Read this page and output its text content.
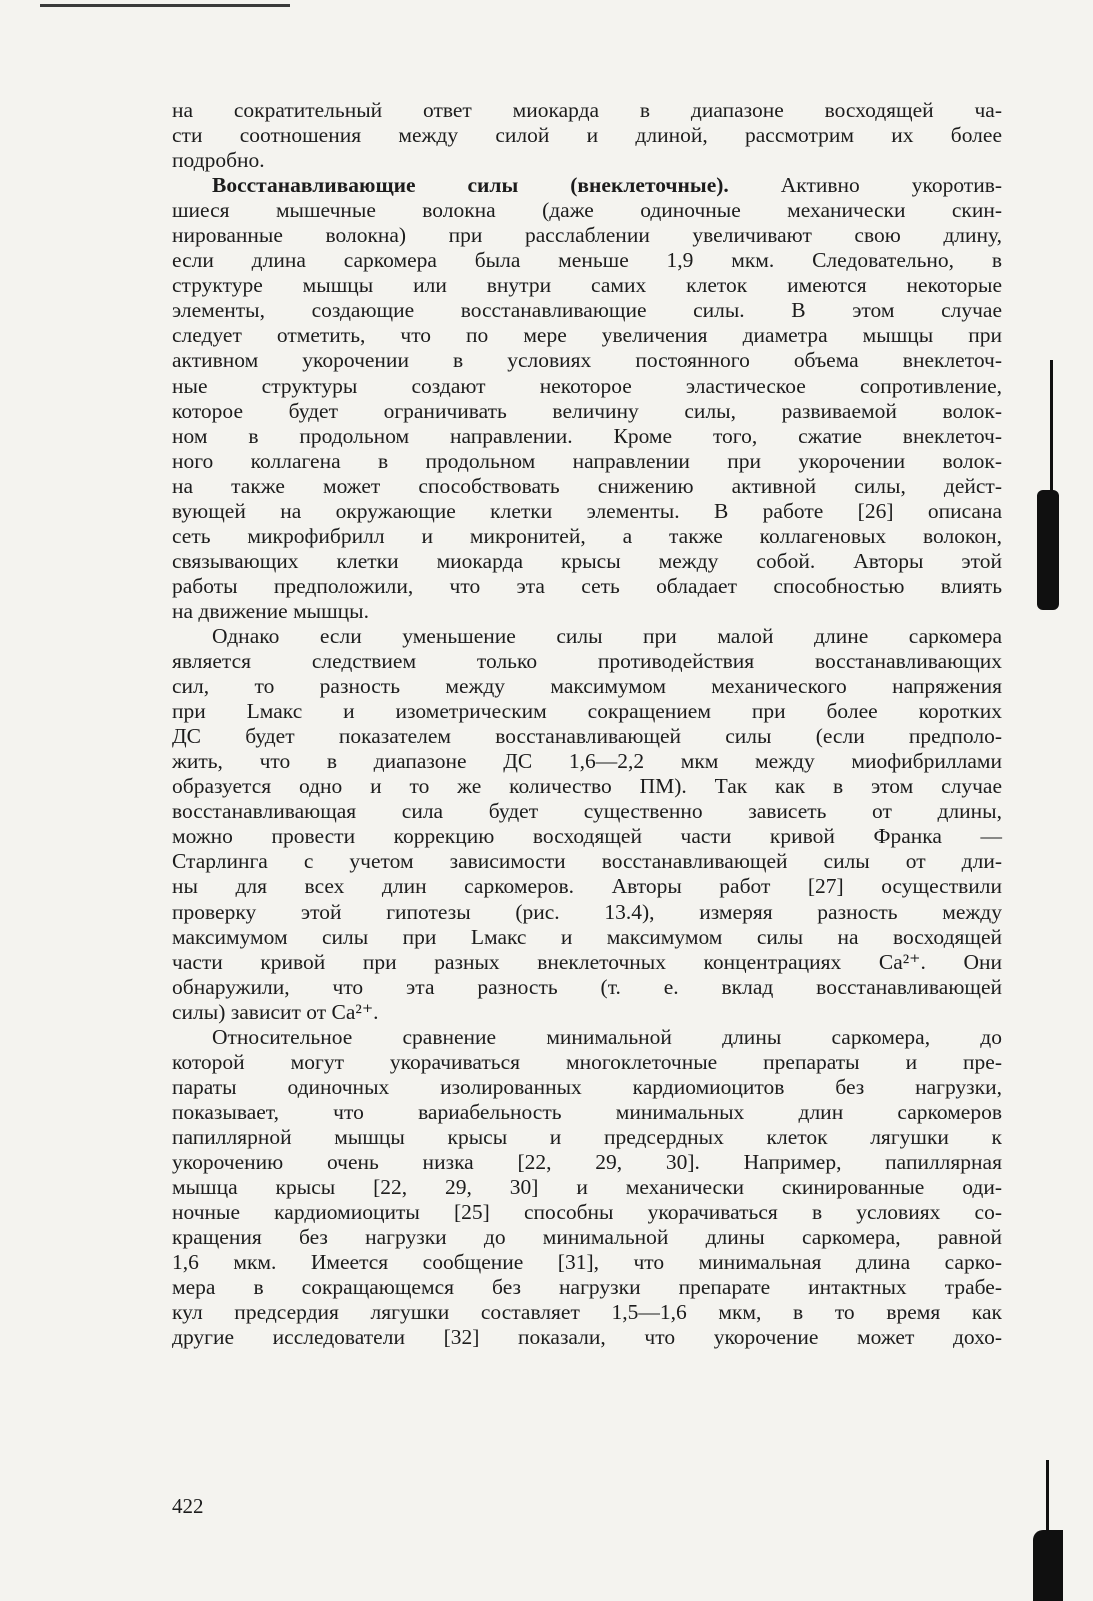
на сократительный ответ миокарда в диапазоне восходящей ча-
сти соотношения между силой и длиной, рассмотрим их более
подробно.
Восстанавливающие силы (внеклеточные). Активно укоротив-
шиеся мышечные волокна (даже одиночные механически скин-
нированные волокна) при расслаблении увеличивают свою длину,
если длина саркомера была меньше 1,9 мкм. Следовательно, в
структуре мышцы или внутри самих клеток имеются некоторые
элементы, создающие восстанавливающие силы. В этом случае
следует отметить, что по мере увеличения диаметра мышцы при
активном укорочении в условиях постоянного объема внеклеточ-
ные структуры создают некоторое эластическое сопротивление,
которое будет ограничивать величину силы, развиваемой волок-
ном в продольном направлении. Кроме того, сжатие внеклеточ-
ного коллагена в продольном направлении при укорочении волок-
на также может способствовать снижению активной силы, дейст-
вующей на окружающие клетки элементы. В работе [26] описана
сеть микрофибрилл и микронитей, а также коллагеновых волокон,
связывающих клетки миокарда крысы между собой. Авторы этой
работы предположили, что эта сеть обладает способностью влиять
на движение мышцы.
Однако если уменьшение силы при малой длине саркомера
является следствием только противодействия восстанавливающих
сил, то разность между максимумом механического напряжения
при Lмакс и изометрическим сокращением при более коротких
ДС будет показателем восстанавливающей силы (если предполо-
жить, что в диапазоне ДС 1,6—2,2 мкм между миофибриллами
образуется одно и то же количество ПМ). Так как в этом случае
восстанавливающая сила будет существенно зависеть от длины,
можно провести коррекцию восходящей части кривой Франка —
Старлинга с учетом зависимости восстанавливающей силы от дли-
ны для всех длин саркомеров. Авторы работ [27] осуществили
проверку этой гипотезы (рис. 13.4), измеряя разность между
максимумом силы при Lмакс и максимумом силы на восходящей
части кривой при разных внеклеточных концентрациях Ca²⁺. Они
обнаружили, что эта разность (т. е. вклад восстанавливающей
силы) зависит от Ca²⁺.
Относительное сравнение минимальной длины саркомера, до
которой могут укорачиваться многоклеточные препараты и пре-
параты одиночных изолированных кардиомиоцитов без нагрузки,
показывает, что вариабельность минимальных длин саркомеров
папиллярной мышцы крысы и предсердных клеток лягушки к
укорочению очень низка [22, 29, 30]. Например, папиллярная
мышца крысы [22, 29, 30] и механически скинированные оди-
ночные кардиомиоциты [25] способны укорачиваться в условиях со-
кращения без нагрузки до минимальной длины саркомера, равной
1,6 мкм. Имеется сообщение [31], что минимальная длина сарко-
мера в сокращающемся без нагрузки препарате интактных трабе-
кул предсердия лягушки составляет 1,5—1,6 мкм, в то время как
другие исследователи [32] показали, что укорочение может дохо-
422
